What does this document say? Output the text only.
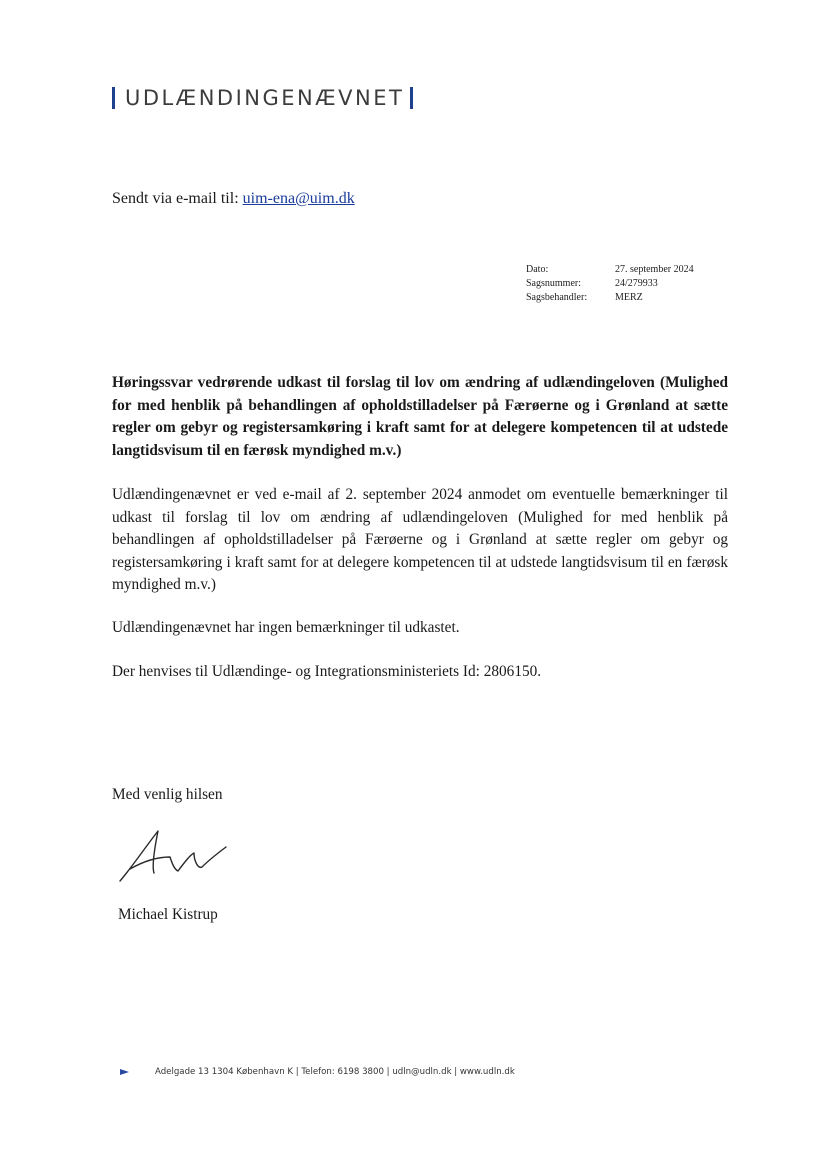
UDLÆNDINGENÆVNET
Sendt via e-mail til: uim-ena@uim.dk
Dato:	27. september 2024
Sagsnummer:	24/279933
Sagsbehandler:	MERZ
Høringssvar vedrørende udkast til forslag til lov om ændring af udlændingeloven (Mulighed for med henblik på behandlingen af opholdstilladelser på Færøerne og i Grønland at sætte regler om gebyr og registersamkøring i kraft samt for at delegere kompetencen til at udstede langtidsvisum til en færøsk myndighed m.v.)
Udlændingenævnet er ved e-mail af 2. september 2024 anmodet om eventuelle bemærkninger til udkast til forslag til lov om ændring af udlændingeloven (Mulighed for med henblik på behandlingen af opholdstilladelser på Færøerne og i Grønland at sætte regler om gebyr og registersamkøring i kraft samt for at delegere kompetencen til at udstede langtidsvisum til en færøsk myndighed m.v.)
Udlændingenævnet har ingen bemærkninger til udkastet.
Der henvises til Udlændinge- og Integrationsministeriets Id: 2806150.
Med venlig hilsen
Michael Kistrup
Adelgade 13 1304 København K | Telefon: 6198 3800 | udln@udln.dk | www.udln.dk
